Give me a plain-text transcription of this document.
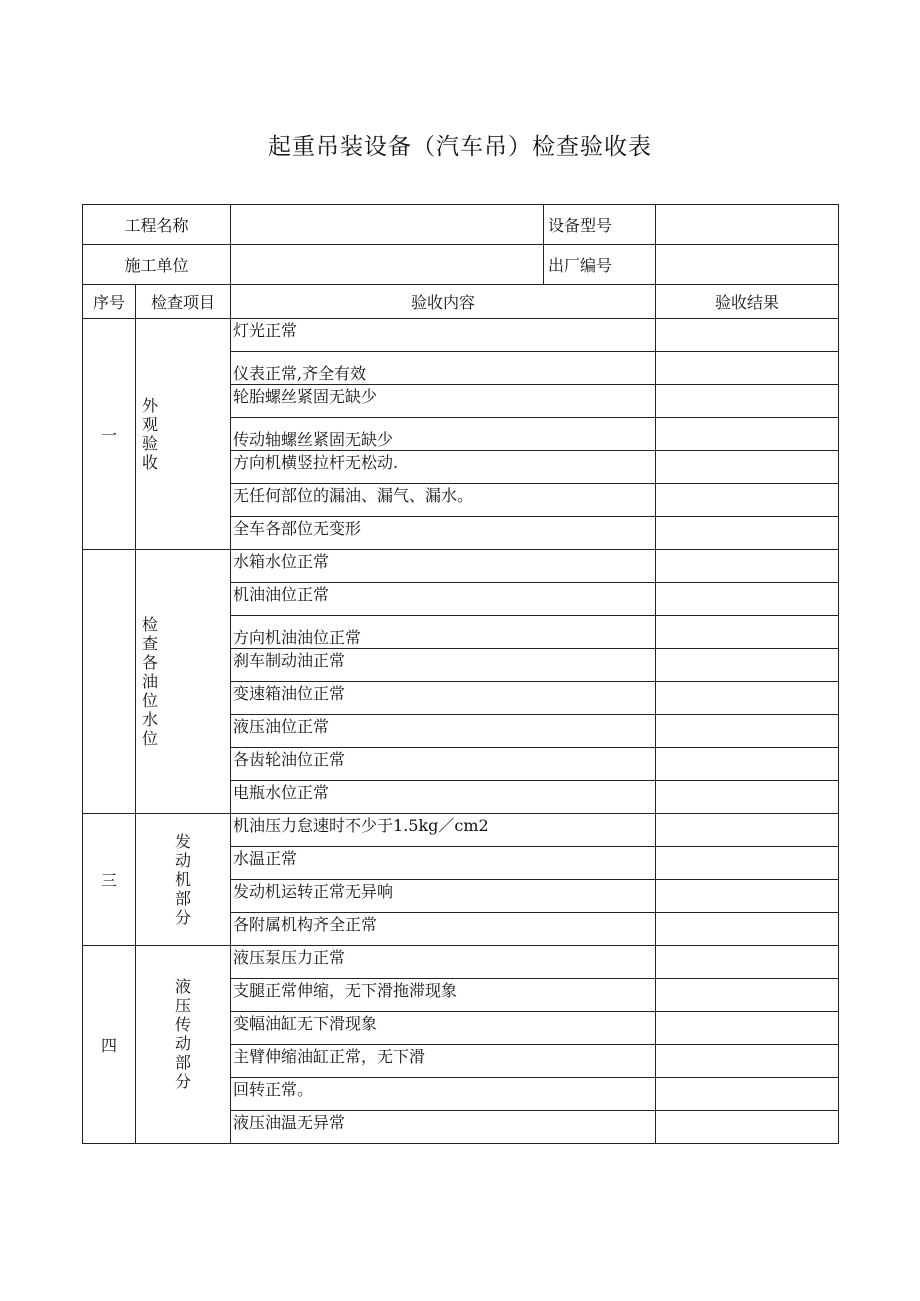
起重吊装设备（汽车吊）检查验收表
工程名称			设备型号	
施工单位			出厂编号	
序号	检查项目	验收内容		验收结果
一	外观验收	灯光正常		
		仪表正常,齐全有效		
		轮胎螺丝紧固无缺少		
		传动轴螺丝紧固无缺少		
		方向机横竖拉杆无松动.		
		无任何部位的漏油、漏气、漏水。		
		全车各部位无变形		

	检查各油位水位	水箱水位正常		
		机油油位正常		
		方向机油油位正常		
		刹车制动油正常		
		变速箱油位正常		
		液压油位正常		
		各齿轮油位正常		
		电瓶水位正常		
三	发动机部分	机油压力怠速时不少于1.5kg／cm2		
		水温正常		
		发动机运转正常无异响		
		各附属机构齐全正常		
四	液压传动部分	液压泵压力正常		
		支腿正常伸缩，无下滑拖滞现象		
		变幅油缸无下滑现象		
		主臂伸缩油缸正常，无下滑		
		回转正常。		
		液压油温无异常		
